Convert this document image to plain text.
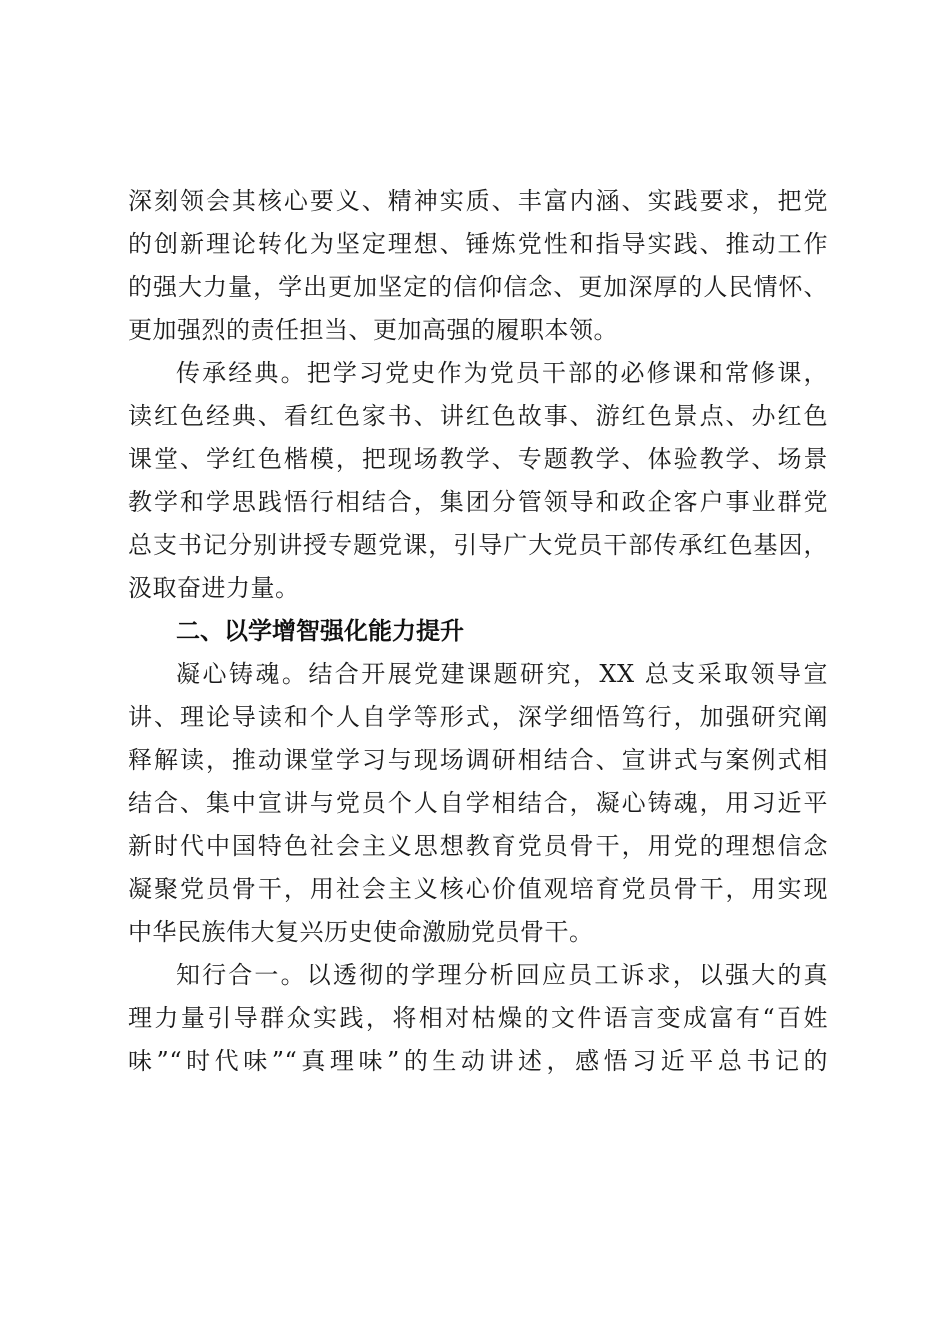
深刻领会其核心要义、精神实质、丰富内涵、实践要求，把党
的创新理论转化为坚定理想、锤炼党性和指导实践、推动工作
的强大力量，学出更加坚定的信仰信念、更加深厚的人民情怀、
更加强烈的责任担当、更加高强的履职本领。

传承经典。把学习党史作为党员干部的必修课和常修课，
读红色经典、看红色家书、讲红色故事、游红色景点、办红色
课堂、学红色楷模，把现场教学、专题教学、体验教学、场景
教学和学思践悟行相结合，集团分管领导和政企客户事业群党
总支书记分别讲授专题党课，引导广大党员干部传承红色基因，
汲取奋进力量。

二、以学增智强化能力提升

凝心铸魂。结合开展党建课题研究，XX 总支采取领导宣
讲、理论导读和个人自学等形式，深学细悟笃行，加强研究阐
释解读，推动课堂学习与现场调研相结合、宣讲式与案例式相
结合、集中宣讲与党员个人自学相结合，凝心铸魂，用习近平
新时代中国特色社会主义思想教育党员骨干，用党的理想信念
凝聚党员骨干，用社会主义核心价值观培育党员骨干，用实现
中华民族伟大复兴历史使命激励党员骨干。

知行合一。以透彻的学理分析回应员工诉求，以强大的真
理力量引导群众实践，将相对枯燥的文件语言变成富有“百姓
味”“时代味”“真理味”的生动讲述，感悟习近平总书记的
